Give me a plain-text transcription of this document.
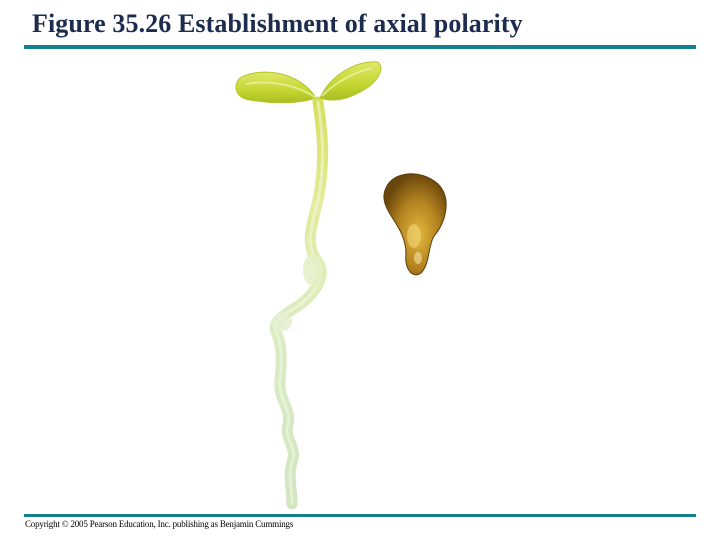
Figure 35.26 Establishment of axial polarity
Copyright © 2005 Pearson Education, Inc. publishing as Benjamin Cummings
